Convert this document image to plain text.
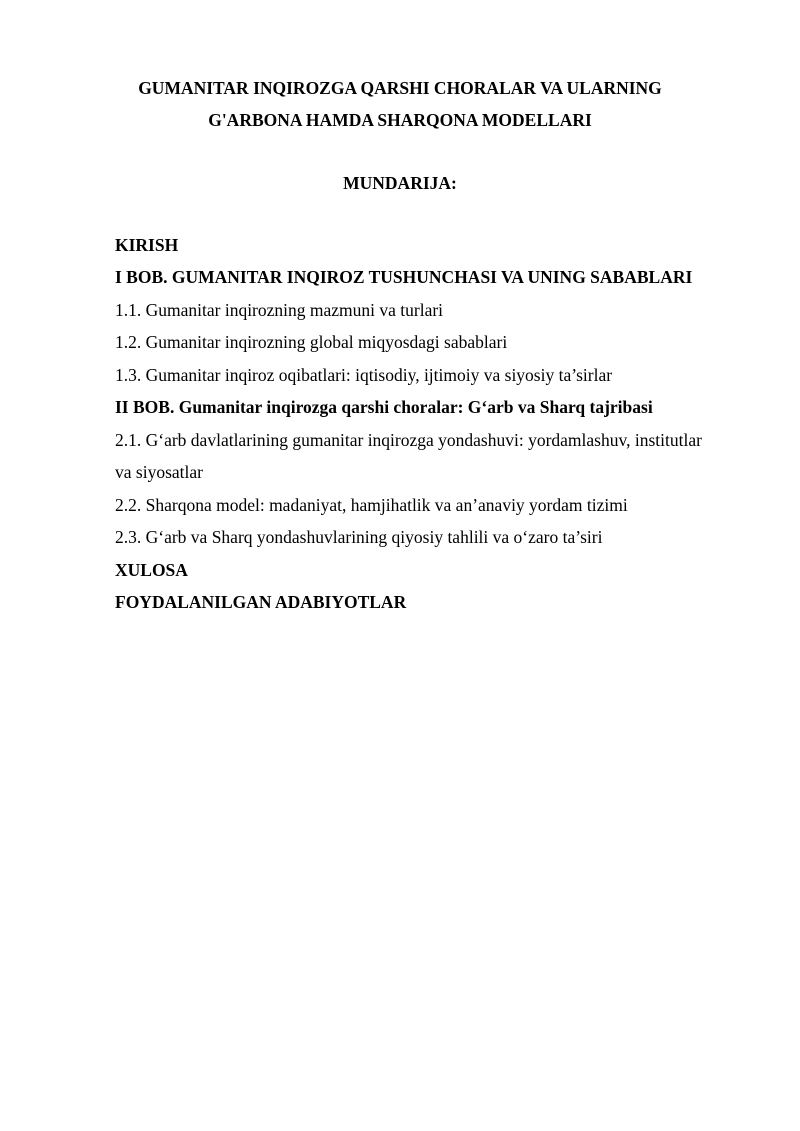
GUMANITAR INQIROZGA QARSHI CHORALAR VA ULARNING
G'ARBONA HAMDA SHARQONA MODELLARI
MUNDARIJA:
KIRISH
I BOB. GUMANITAR INQIROZ TUSHUNCHASI VA UNING SABABLARI
1.1. Gumanitar inqirozning mazmuni va turlari
1.2. Gumanitar inqirozning global miqyosdagi sabablari
1.3. Gumanitar inqiroz oqibatlari: iqtisodiy, ijtimoiy va siyosiy ta’sirlar
II BOB. Gumanitar inqirozga qarshi choralar: G‘arb va Sharq tajribasi
2.1. G‘arb davlatlarining gumanitar inqirozga yondashuvi: yordamlashuv, institutlar
va siyosatlar
2.2. Sharqona model: madaniyat, hamjihatlik va an’anaviy yordam tizimi
2.3. G‘arb va Sharq yondashuvlarining qiyosiy tahlili va o‘zaro ta’siri
XULOSA
FOYDALANILGAN ADABIYOTLAR
